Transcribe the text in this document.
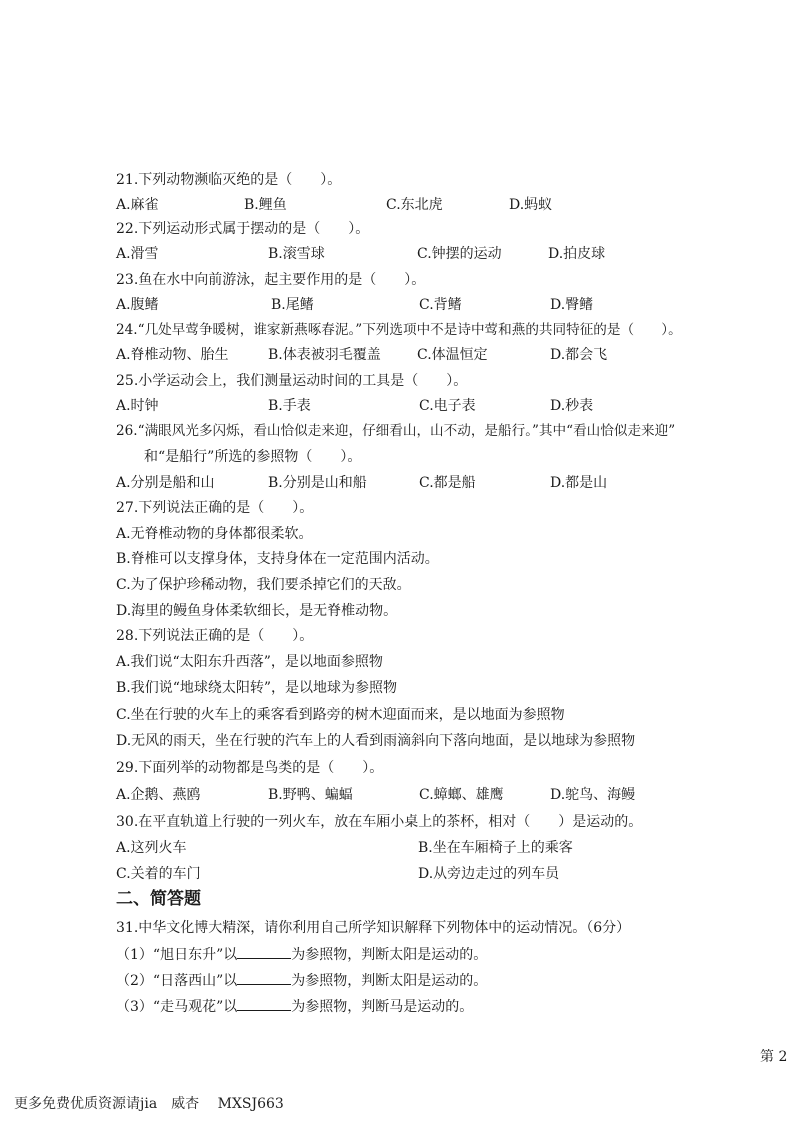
21.下列动物濒临灭绝的是（　　）。
A.麻雀	B.鲤鱼	C.东北虎	D.蚂蚁
22.下列运动形式属于摆动的是（　　）。
A.滑雪	B.滚雪球	C.钟摆的运动	D.拍皮球
23.鱼在水中向前游泳，起主要作用的是（　　）。
A.腹鳍	B.尾鳍	C.背鳍	D.臀鳍
24.“几处早莺争暖树，谁家新燕啄春泥。”下列选项中不是诗中莺和燕的共同特征的是（　　）。
A.脊椎动物、胎生	B.体表被羽毛覆盖	C.体温恒定	D.都会飞
25.小学运动会上，我们测量运动时间的工具是（　　）。
A.时钟	B.手表	C.电子表	D.秒表
26.“满眼风光多闪烁，看山恰似走来迎，仔细看山，山不动，是船行。”其中“看山恰似走来迎”
和“是船行”所选的参照物（　　）。
A.分别是船和山	B.分别是山和船	C.都是船	D.都是山
27.下列说法正确的是（　　）。
A.无脊椎动物的身体都很柔软。
B.脊椎可以支撑身体，支持身体在一定范围内活动。
C.为了保护珍稀动物，我们要杀掉它们的天敌。
D.海里的鳗鱼身体柔软细长，是无脊椎动物。
28.下列说法正确的是（　　）。
A.我们说“太阳东升西落”，是以地面参照物
B.我们说“地球绕太阳转”，是以地球为参照物
C.坐在行驶的火车上的乘客看到路旁的树木迎面而来，是以地面为参照物
D.无风的雨天，坐在行驶的汽车上的人看到雨滴斜向下落向地面，是以地球为参照物
29.下面列举的动物都是鸟类的是（　　）。
A.企鹅、燕鸥	B.野鸭、蝙蝠	C.蟑螂、雄鹰	D.鸵鸟、海鳗
30.在平直轨道上行驶的一列火车，放在车厢小桌上的茶杯，相对（　　）是运动的。
A.这列火车	B.坐在车厢椅子上的乘客
C.关着的车门	D.从旁边走过的列车员
二、简答题
31.中华文化博大精深，请你利用自己所学知识解释下列物体中的运动情况。（6分）
（1）“旭日东升”以	为参照物，判断太阳是运动的。
（2）“日落西山”以	为参照物，判断太阳是运动的。
（3）“走马观花”以	为参照物，判断马是运动的。
第 2
更多免费优质资源请jia　威杏　 MXSJ663
